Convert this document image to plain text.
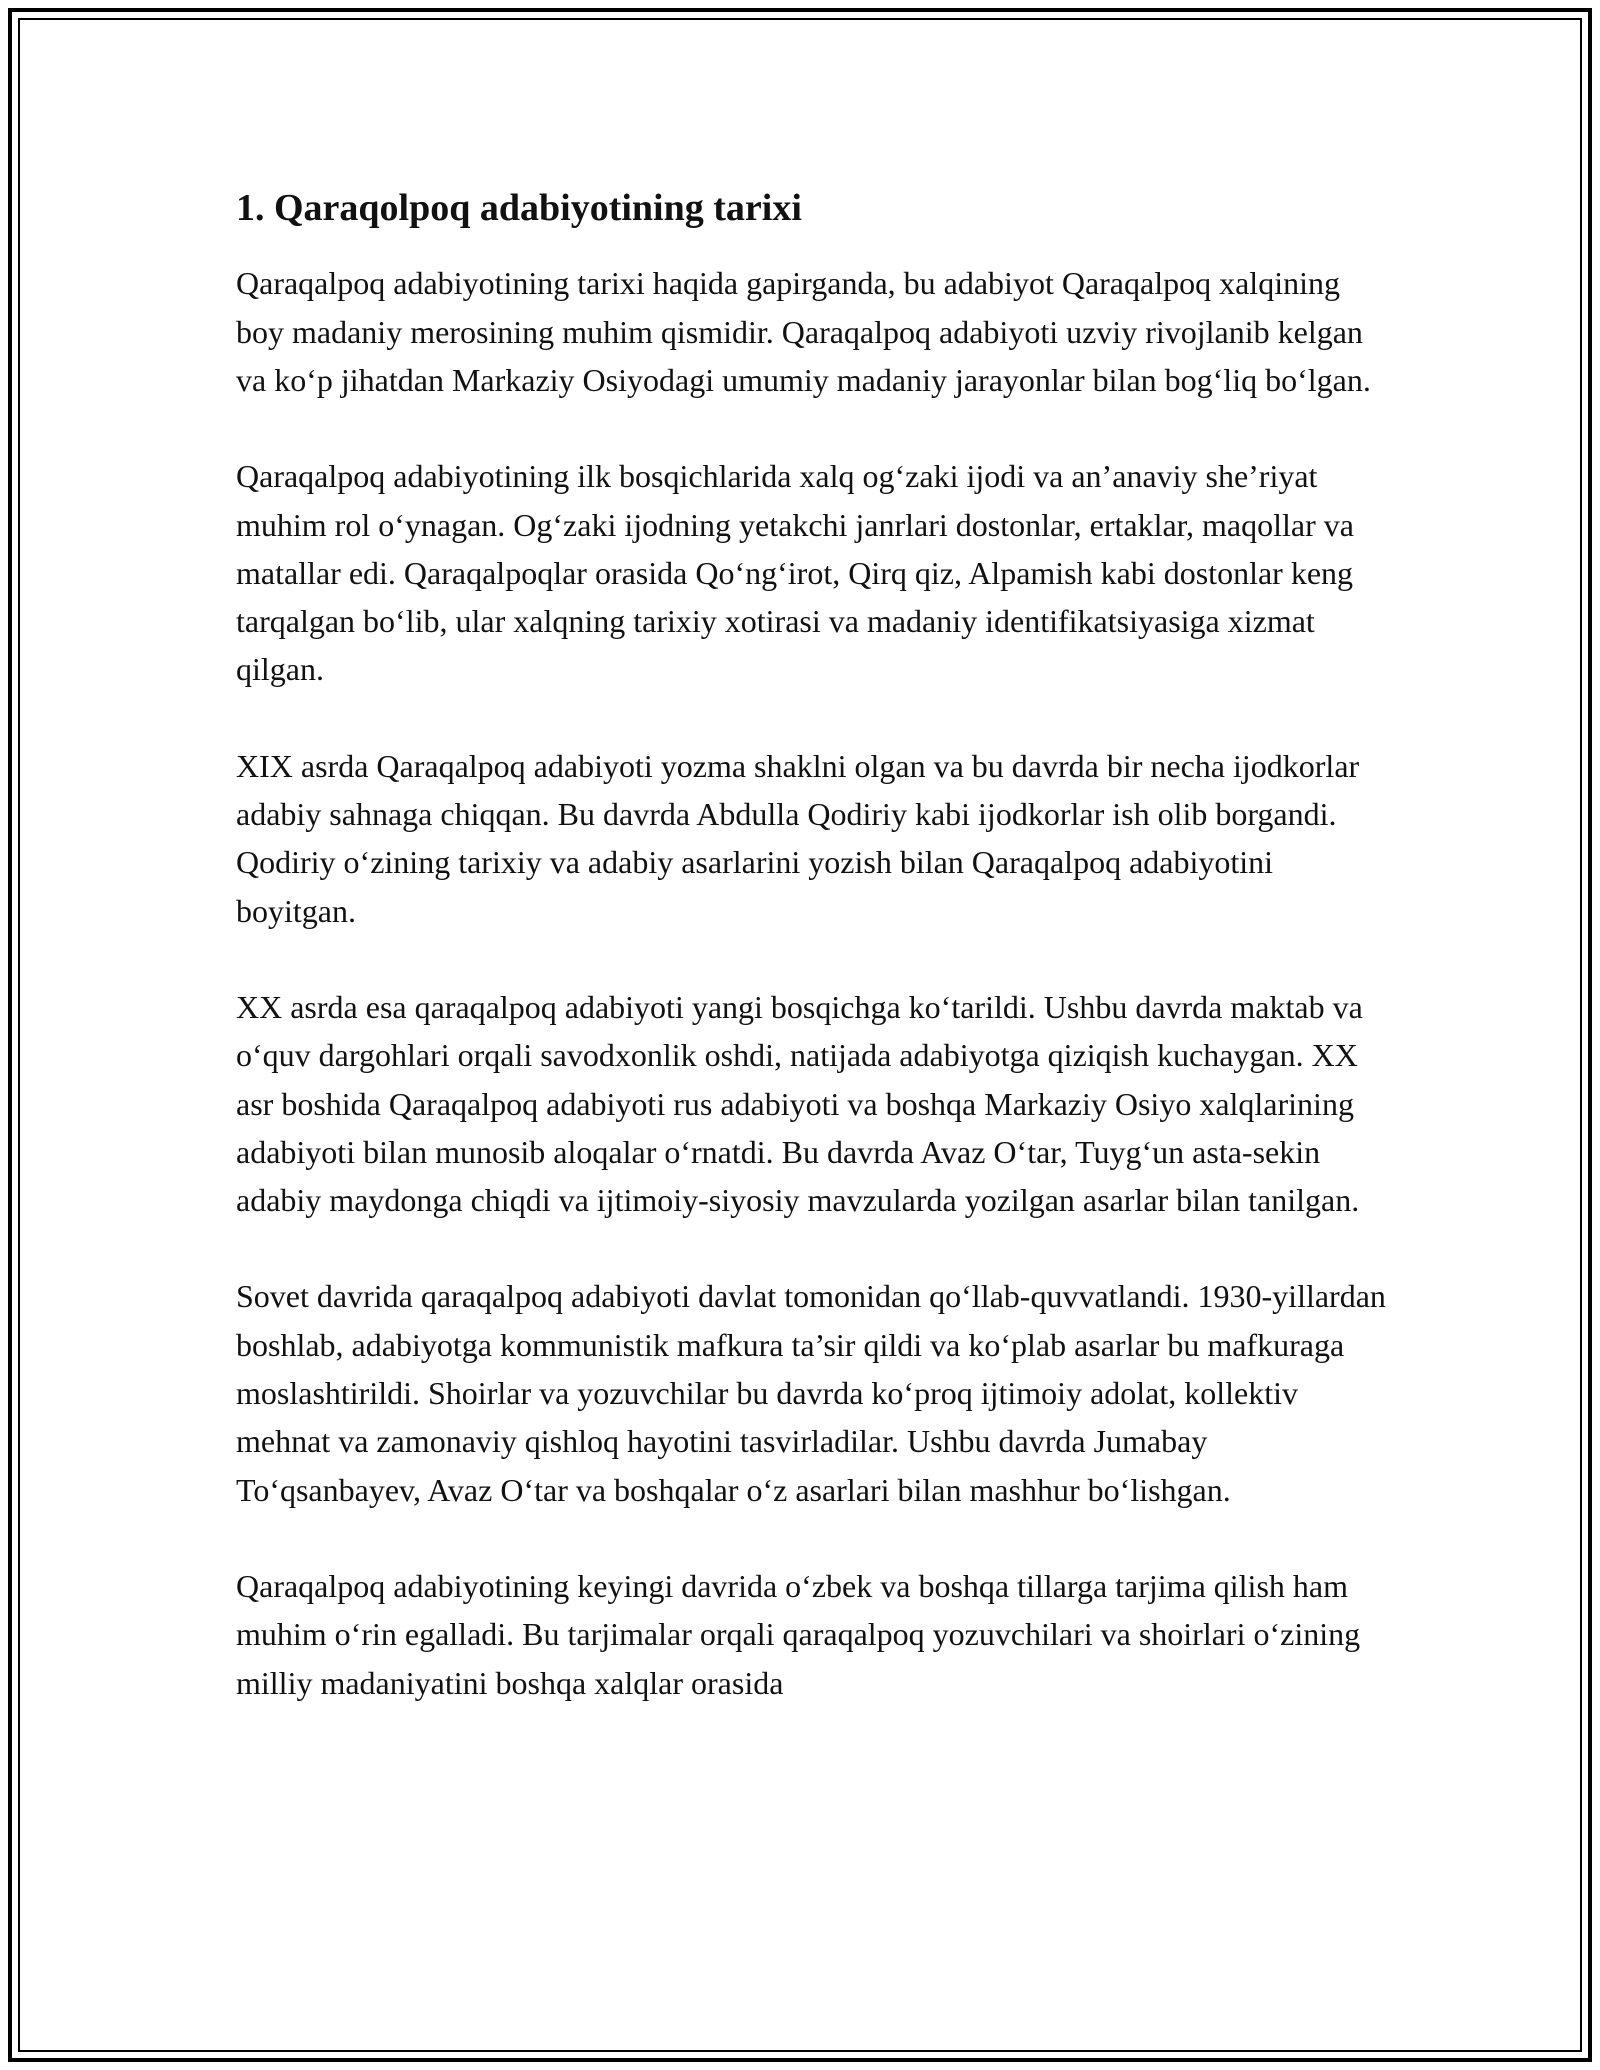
1. Qaraqolpoq adabiyotining tarixi

Qaraqalpoq adabiyotining tarixi haqida gapirganda, bu adabiyot Qaraqalpoq xalqining boy madaniy merosining muhim qismidir. Qaraqalpoq adabiyoti uzviy rivojlanib kelgan va ko‘p jihatdan Markaziy Osiyodagi umumiy madaniy jarayonlar bilan bog‘liq bo‘lgan.

Qaraqalpoq adabiyotining ilk bosqichlarida xalq og‘zaki ijodi va an’anaviy she’riyat muhim rol o‘ynagan. Og‘zaki ijodning yetakchi janrlari dostonlar, ertaklar, maqollar va matallar edi. Qaraqalpoqlar orasida Qo‘ng‘irot, Qirq qiz, Alpamish kabi dostonlar keng tarqalgan bo‘lib, ular xalqning tarixiy xotirasi va madaniy identifikatsiyasiga xizmat qilgan.

XIX asrda Qaraqalpoq adabiyoti yozma shaklni olgan va bu davrda bir necha ijodkorlar adabiy sahnaga chiqqan. Bu davrda Abdulla Qodiriy kabi ijodkorlar ish olib borgandi. Qodiriy o‘zining tarixiy va adabiy asarlarini yozish bilan Qaraqalpoq adabiyotini boyitgan.

XX asrda esa qaraqalpoq adabiyoti yangi bosqichga ko‘tarildi. Ushbu davrda maktab va o‘quv dargohlari orqali savodxonlik oshdi, natijada adabiyotga qiziqish kuchaygan. XX asr boshida Qaraqalpoq adabiyoti rus adabiyoti va boshqa Markaziy Osiyo xalqlarining adabiyoti bilan munosib aloqalar o‘rnatdi. Bu davrda Avaz O‘tar, Tuyg‘un asta-sekin adabiy maydonga chiqdi va ijtimoiy-siyosiy mavzularda yozilgan asarlar bilan tanilgan.

Sovet davrida qaraqalpoq adabiyoti davlat tomonidan qo‘llab-quvvatlandi. 1930-yillardan boshlab, adabiyotga kommunistik mafkura ta’sir qildi va ko‘plab asarlar bu mafkuraga moslashtirildi. Shoirlar va yozuvchilar bu davrda ko‘proq ijtimoiy adolat, kollektiv mehnat va zamonaviy qishloq hayotini tasvirladilar. Ushbu davrda Jumabay To‘qsanbayev, Avaz O‘tar va boshqalar o‘z asarlari bilan mashhur bo‘lishgan.

Qaraqalpoq adabiyotining keyingi davrida o‘zbek va boshqa tillarga tarjima qilish ham muhim o‘rin egalladi. Bu tarjimalar orqali qaraqalpoq yozuvchilari va shoirlari o‘zining milliy madaniyatini boshqa xalqlar orasida
